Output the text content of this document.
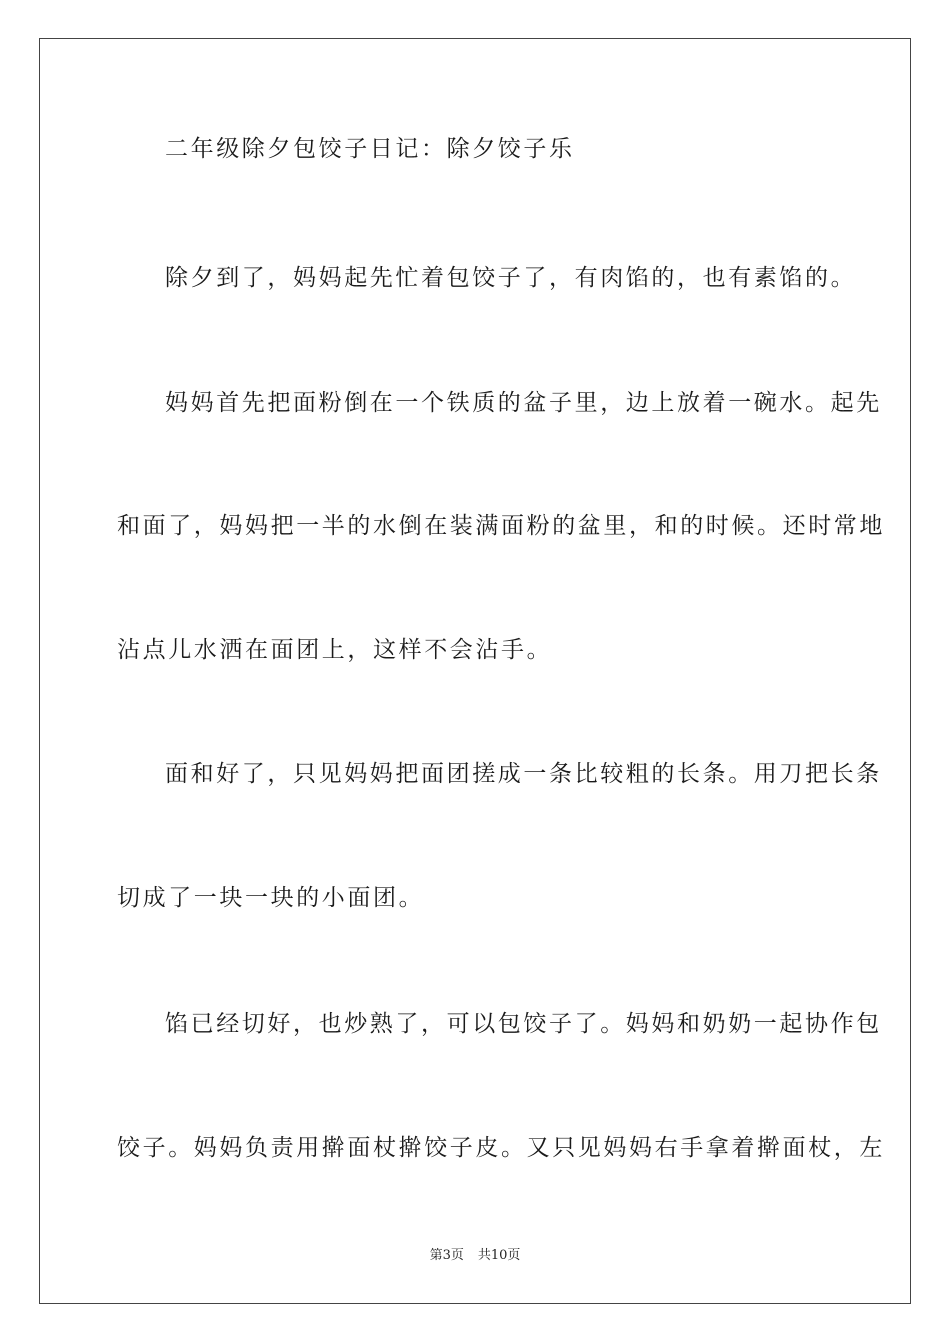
二年级除夕包饺子日记：除夕饺子乐
除夕到了，妈妈起先忙着包饺子了，有肉馅的，也有素馅的。
妈妈首先把面粉倒在一个铁质的盆子里，边上放着一碗水。起先
和面了，妈妈把一半的水倒在装满面粉的盆里，和的时候。还时常地
沾点儿水洒在面团上，这样不会沾手。
面和好了，只见妈妈把面团搓成一条比较粗的长条。用刀把长条
切成了一块一块的小面团。
馅已经切好，也炒熟了，可以包饺子了。妈妈和奶奶一起协作包
饺子。妈妈负责用擀面杖擀饺子皮。又只见妈妈右手拿着擀面杖，左
第3页 共10页
